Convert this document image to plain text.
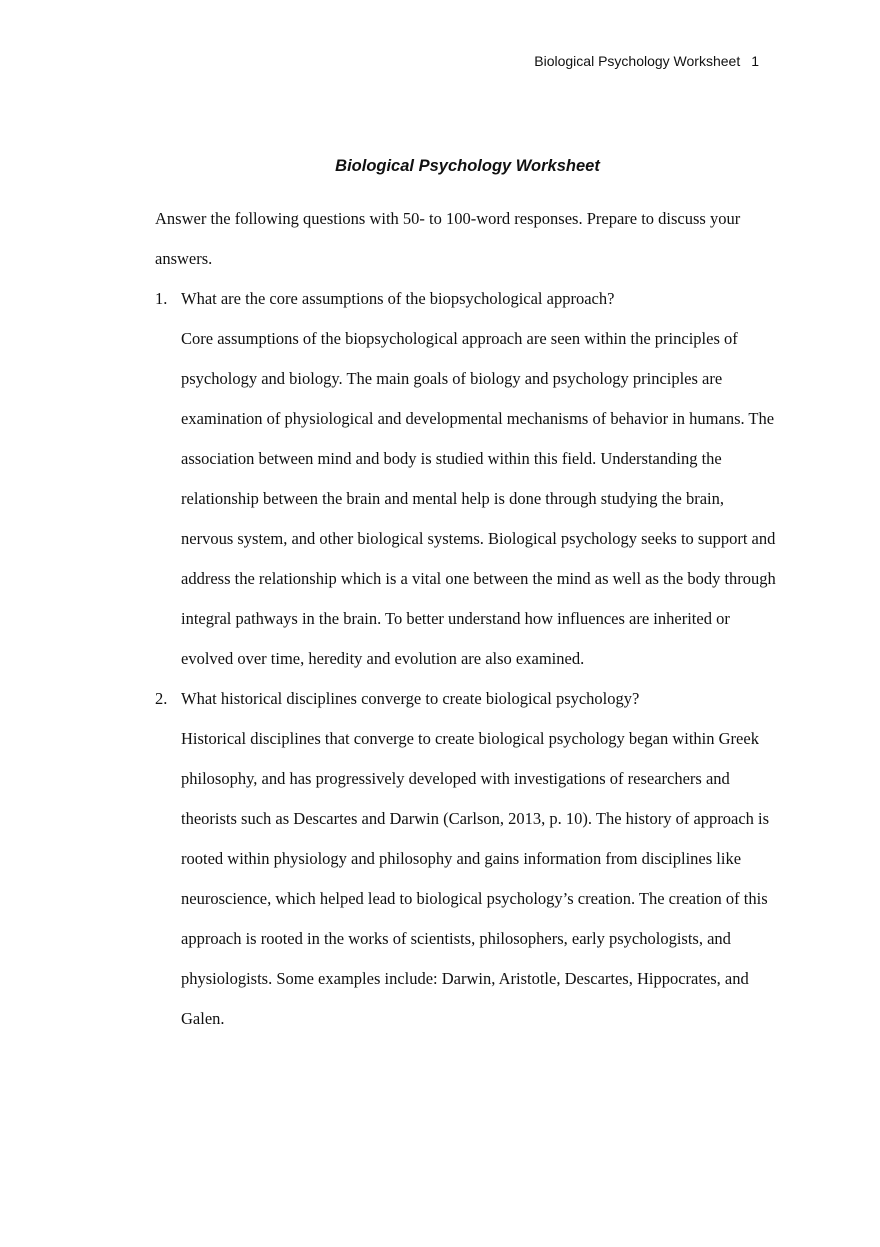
Biological Psychology Worksheet 1
Biological Psychology Worksheet

Answer the following questions with 50- to 100-word responses. Prepare to discuss your answers.

1. What are the core assumptions of the biopsychological approach?

Core assumptions of the biopsychological approach are seen within the principles of psychology and biology. The main goals of biology and psychology principles are examination of physiological and developmental mechanisms of behavior in humans. The association between mind and body is studied within this field. Understanding the relationship between the brain and mental help is done through studying the brain, nervous system, and other biological systems. Biological psychology seeks to support and address the relationship which is a vital one between the mind as well as the body through integral pathways in the brain. To better understand how influences are inherited or evolved over time, heredity and evolution are also examined.

2. What historical disciplines converge to create biological psychology?

Historical disciplines that converge to create biological psychology began within Greek philosophy, and has progressively developed with investigations of researchers and theorists such as Descartes and Darwin (Carlson, 2013, p. 10). The history of approach is rooted within physiology and philosophy and gains information from disciplines like neuroscience, which helped lead to biological psychology’s creation. The creation of this approach is rooted in the works of scientists, philosophers, early psychologists, and physiologists. Some examples include: Darwin, Aristotle, Descartes, Hippocrates, and Galen.
